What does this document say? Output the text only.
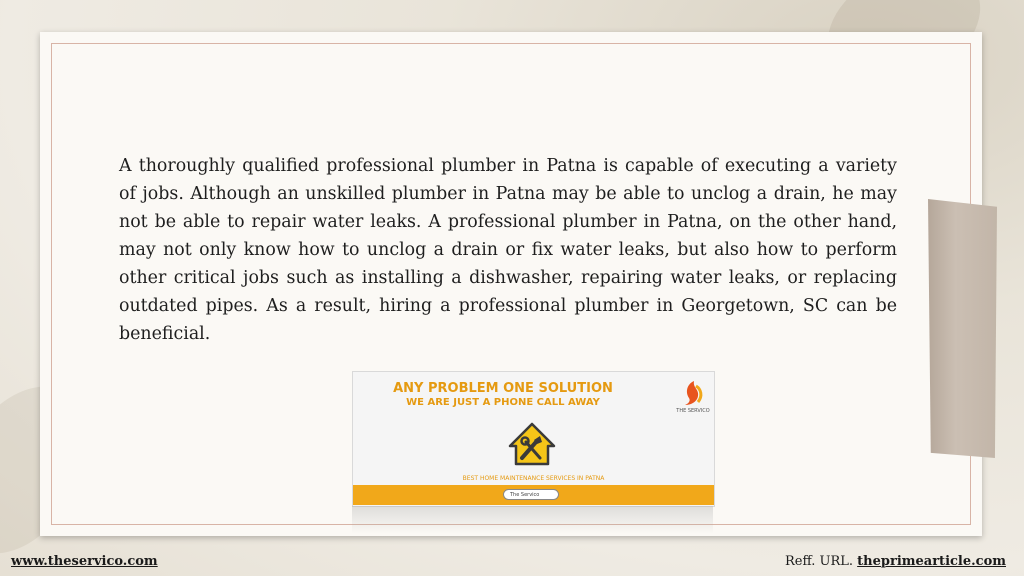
A thoroughly qualified professional plumber in Patna is capable of executing a variety of jobs. Although an unskilled plumber in Patna may be able to unclog a drain, he may not be able to repair water leaks. A professional plumber in Patna, on the other hand, may not only know how to unclog a drain or fix water leaks, but also how to perform other critical jobs such as installing a dishwasher, repairing water leaks, or replacing outdated pipes. As a result, hiring a professional plumber in Georgetown, SC can be beneficial.

ANY PROBLEM ONE SOLUTION
WE ARE JUST A PHONE CALL AWAY
THE SERVICO
BEST HOME MAINTENANCE SERVICES IN PATNA
The Servico
www.theservico.com	Reff. URL. theprimearticle.com
